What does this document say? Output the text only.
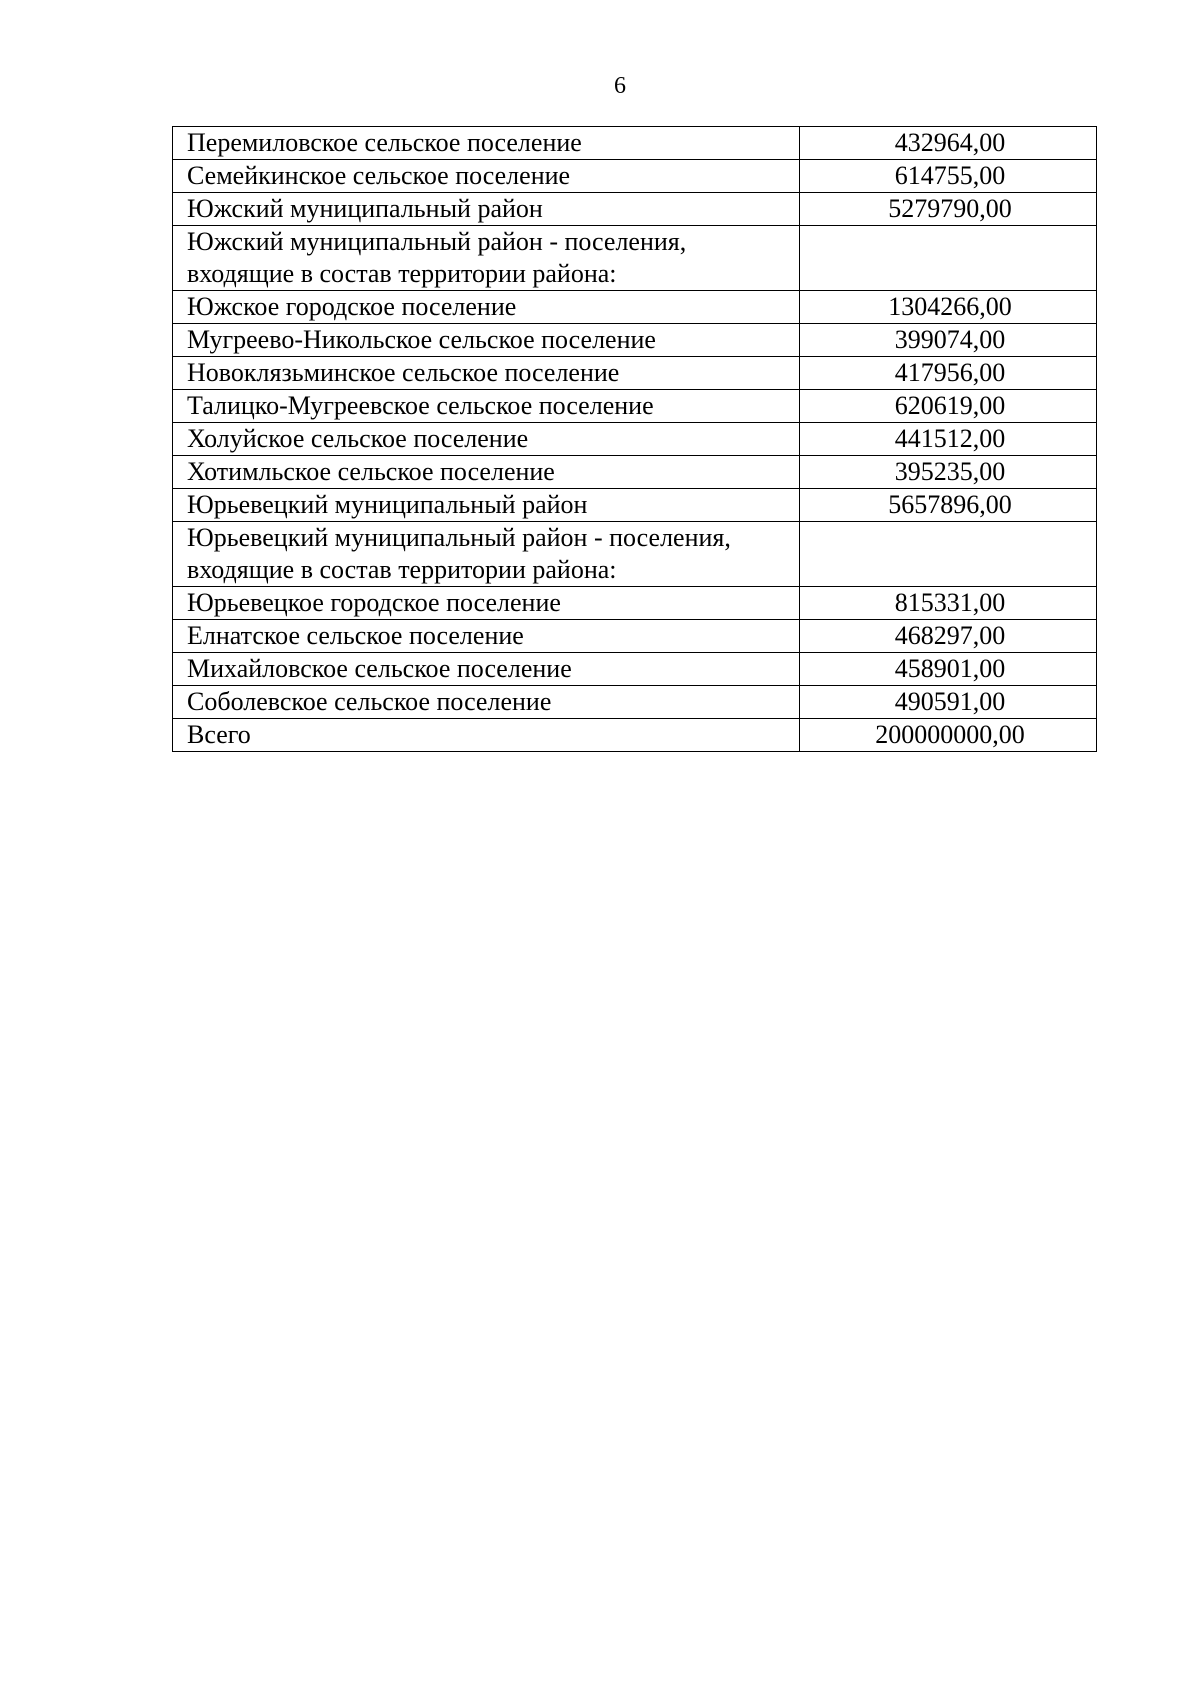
6
Перемиловское сельское поселение	432964,00
Семейкинское сельское поселение	614755,00
Южский муниципальный район	5279790,00
Южский муниципальный район - поселения, входящие в состав территории района:	
Южское городское поселение	1304266,00
Мугреево-Никольское сельское поселение	399074,00
Новоклязьминское сельское поселение	417956,00
Талицко-Мугреевское сельское поселение	620619,00
Холуйское сельское поселение	441512,00
Хотимльское сельское поселение	395235,00
Юрьевецкий муниципальный район	5657896,00
Юрьевецкий муниципальный район - поселения, входящие в состав территории района:	
Юрьевецкое городское поселение	815331,00
Елнатское сельское поселение	468297,00
Михайловское сельское поселение	458901,00
Соболевское сельское поселение	490591,00
Всего	200000000,00
